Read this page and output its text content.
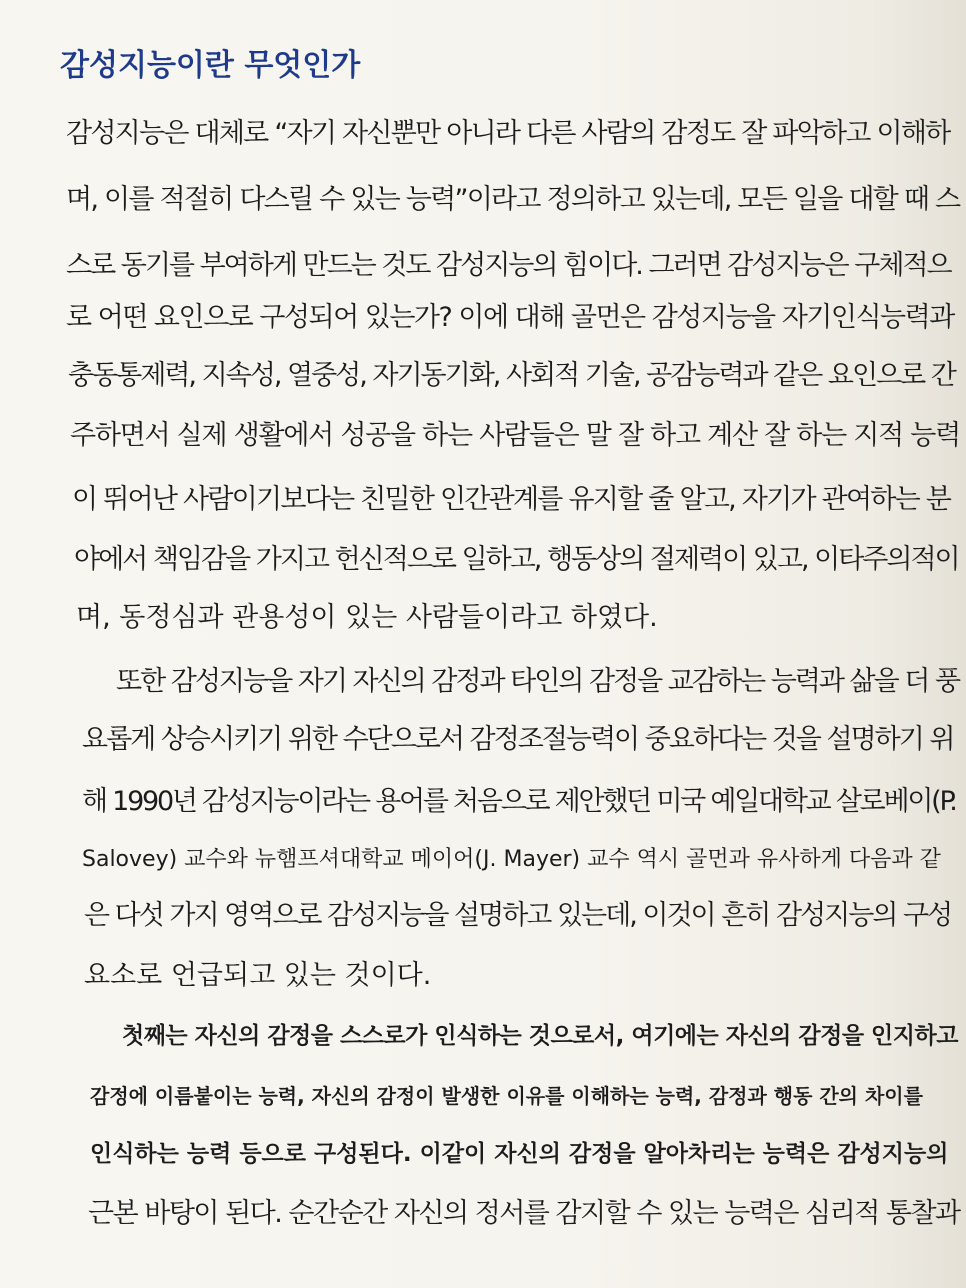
감성지능이란 무엇인가
감성지능은 대체로 “자기 자신뿐만 아니라 다른 사람의 감정도 잘 파악하고 이해하
며, 이를 적절히 다스릴 수 있는 능력”이라고 정의하고 있는데, 모든 일을 대할 때 스
스로 동기를 부여하게 만드는 것도 감성지능의 힘이다. 그러면 감성지능은 구체적으
로 어떤 요인으로 구성되어 있는가? 이에 대해 골먼은 감성지능을 자기인식능력과
충동통제력, 지속성, 열중성, 자기동기화, 사회적 기술, 공감능력과 같은 요인으로 간
주하면서 실제 생활에서 성공을 하는 사람들은 말 잘 하고 계산 잘 하는 지적 능력
이 뛰어난 사람이기보다는 친밀한 인간관계를 유지할 줄 알고, 자기가 관여하는 분
야에서 책임감을 가지고 헌신적으로 일하고, 행동상의 절제력이 있고, 이타주의적이
며, 동정심과 관용성이 있는 사람들이라고 하였다.
또한 감성지능을 자기 자신의 감정과 타인의 감정을 교감하는 능력과 삶을 더 풍
요롭게 상승시키기 위한 수단으로서 감정조절능력이 중요하다는 것을 설명하기 위
해 1990년 감성지능이라는 용어를 처음으로 제안했던 미국 예일대학교 살로베이(P.
Salovey) 교수와 뉴햄프셔대학교 메이어(J. Mayer) 교수 역시 골먼과 유사하게 다음과 같
은 다섯 가지 영역으로 감성지능을 설명하고 있는데, 이것이 흔히 감성지능의 구성
요소로 언급되고 있는 것이다.
첫째는 자신의 감정을 스스로가 인식하는 것으로서, 여기에는 자신의 감정을 인지하고
감정에 이름붙이는 능력, 자신의 감정이 발생한 이유를 이해하는 능력, 감정과 행동 간의 차이를
인식하는 능력 등으로 구성된다. 이같이 자신의 감정을 알아차리는 능력은 감성지능의
근본 바탕이 된다. 순간순간 자신의 정서를 감지할 수 있는 능력은 심리적 통찰과
